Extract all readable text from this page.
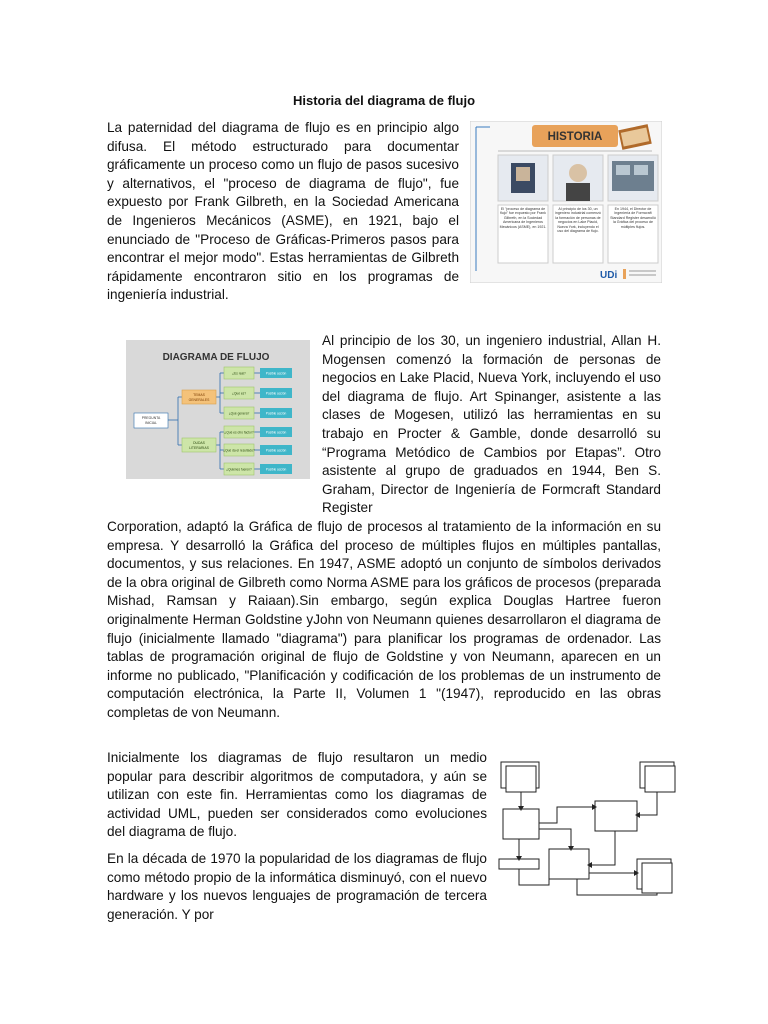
Historia del diagrama de flujo

La paternidad del diagrama de flujo es en principio algo difusa. El método estructurado para documentar gráficamente un proceso como un flujo de pasos sucesivo y alternativos, el "proceso de diagrama de flujo", fue expuesto por Frank Gilbreth, en la Sociedad Americana de Ingenieros Mecánicos (ASME), en 1921, bajo el enunciado de "Proceso de Gráficas-Primeros pasos para encontrar el mejor modo". Estas herramientas de Gilbreth rápidamente encontraron sitio en los programas de ingeniería industrial.

HISTORIA
El "proceso de diagrama de flujo" fue expuesto por Frank Gilbreth, en la Sociedad Americana de Ingenieros Mecánicos (ASME), en 1921.
Al principio de los 30, un ingeniero industrial comenzó la formación de personas de negocios en Lake Placid, Nueva York, incluyendo el uso del diagrama de flujo.
En 1944, el Director de Ingeniería de Formcraft Standard Register desarrolló la Gráfica del proceso de múltiples flujos.
UDi
DIAGRAMA DE FLUJO
PREGUNTA
INICIAL
TEMAS
GENERALES
DUDAS
LITERARIAS
¿Es real?
¿Qué es?
¿Qué genera?
¿Qué es otro factor?
¿Qué da el resultado?
¿Quiénes fueron?
Posible acción
Posible acción
Posible acción
Posible acción
Posible acción
Posible acción

Al principio de los 30, un ingeniero industrial, Allan H. Mogensen comenzó la formación de personas de negocios en Lake Placid, Nueva York, incluyendo el uso del diagrama de flujo. Art Spinanger, asistente a las clases de Mogesen, utilizó las herramientas en su trabajo en Procter & Gamble, donde desarrolló su “Programa Metódico de Cambios por Etapas”. Otro asistente al grupo de graduados en 1944, Ben S. Graham, Director de Ingeniería de Formcraft Standard Register

Corporation, adaptó la Gráfica de flujo de procesos al tratamiento de la información en su empresa. Y desarrolló la Gráfica del proceso de múltiples flujos en múltiples pantallas, documentos, y sus relaciones. En 1947, ASME adoptó un conjunto de símbolos derivados de la obra original de Gilbreth como Norma ASME para los gráficos de procesos (preparada Mishad, Ramsan y Raiaan).Sin embargo, según explica Douglas Hartree fueron originalmente Herman Goldstine yJohn von Neumann quienes desarrollaron el diagrama de flujo (inicialmente llamado "diagrama") para planificar los programas de ordenador. Las tablas de programación original de flujo de Goldstine y von Neumann, aparecen en un informe no publicado, "Planificación y codificación de los problemas de un instrumento de computación electrónica, la Parte II, Volumen 1 "(1947), reproducido en las obras completas de von Neumann.

Inicialmente los diagramas de flujo resultaron un medio popular para describir algoritmos de computadora, y aún se utilizan con este fin. Herramientas como los diagramas de actividad UML, pueden ser considerados como evoluciones del diagrama de flujo.

En la década de 1970 la popularidad de los diagramas de flujo como método propio de la informática disminuyó, con el nuevo hardware y los nuevos lenguajes de programación de tercera generación. Y por
